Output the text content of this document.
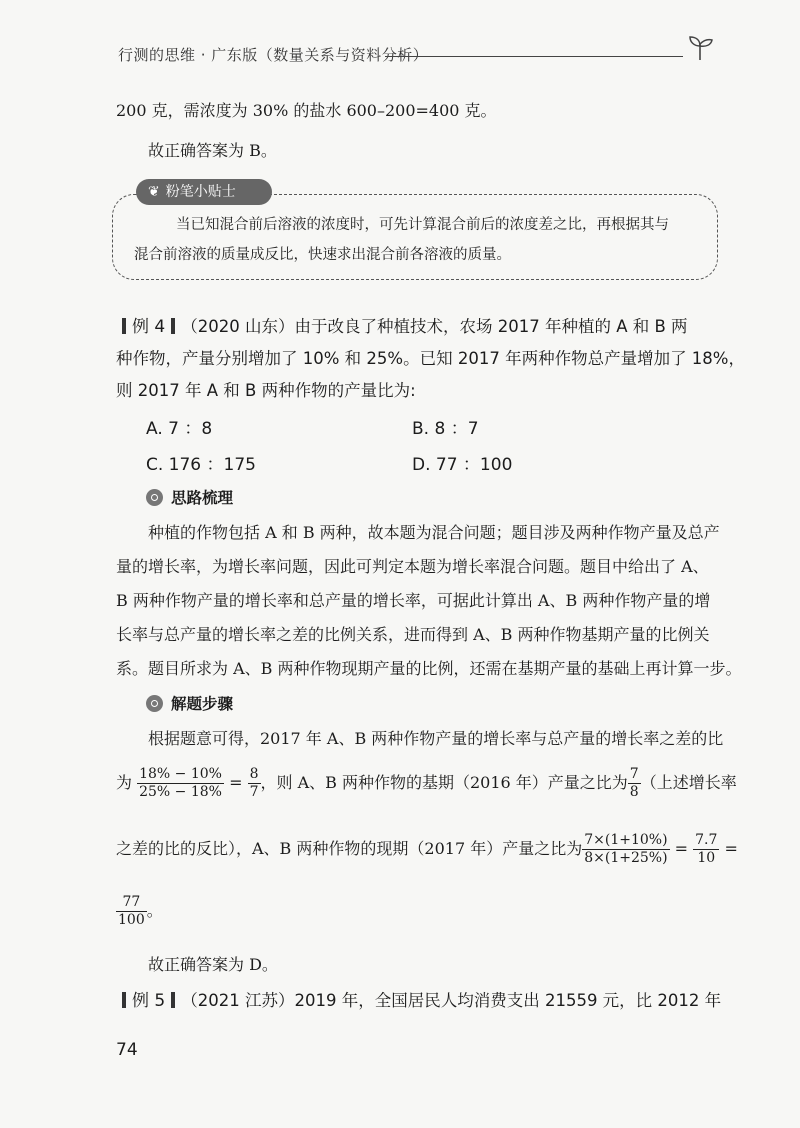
行测的思维 · 广东版（数量关系与资料分析）
200 克，需浓度为 30% 的盐水 600–200=400 克。
故正确答案为 B。
❦ 粉笔小贴士
当已知混合前后溶液的浓度时，可先计算混合前后的浓度差之比，再根据其与
混合前溶液的质量成反比，快速求出混合前各溶液的质量。
例 4 （2020 山东）由于改良了种植技术，农场 2017 年种植的 A 和 B 两
种作物，产量分别增加了 10% 和 25%。已知 2017 年两种作物总产量增加了 18%，
则 2017 年 A 和 B 两种作物的产量比为:
A. 7 ：8	B. 8 ：7
C. 176 ：175	D. 77 ：100
思路梳理
种植的作物包括 A 和 B 两种，故本题为混合问题；题目涉及两种作物产量及总产
量的增长率，为增长率问题，因此可判定本题为增长率混合问题。题目中给出了 A、
B 两种作物产量的增长率和总产量的增长率，可据此计算出 A、B 两种作物产量的增
长率与总产量的增长率之差的比例关系，进而得到 A、B 两种作物基期产量的比例关
系。题目所求为 A、B 两种作物现期产量的比例，还需在基期产量的基础上再计算一步。
解题步骤
根据题意可得，2017 年 A、B 两种作物产量的增长率与总产量的增长率之差的比
为 $\frac{18\% - 10\%}{25\% - 18\%} = \frac{8}{7}$ ，则 A、B 两种作物的基期（2016 年）产量之比为 $\frac{7}{8}$ （上述增长率
之差的比的反比），A、B 两种作物的现期（2017 年）产量之比为 $\frac{7\times(1+10\%)}{8\times(1+25\%)} = \frac{7.7}{10}$ =
$\frac{77}{100}$ 。
故正确答案为 D。
例 5 （2021 江苏）2019 年，全国居民人均消费支出 21559 元，比 2012 年
74
